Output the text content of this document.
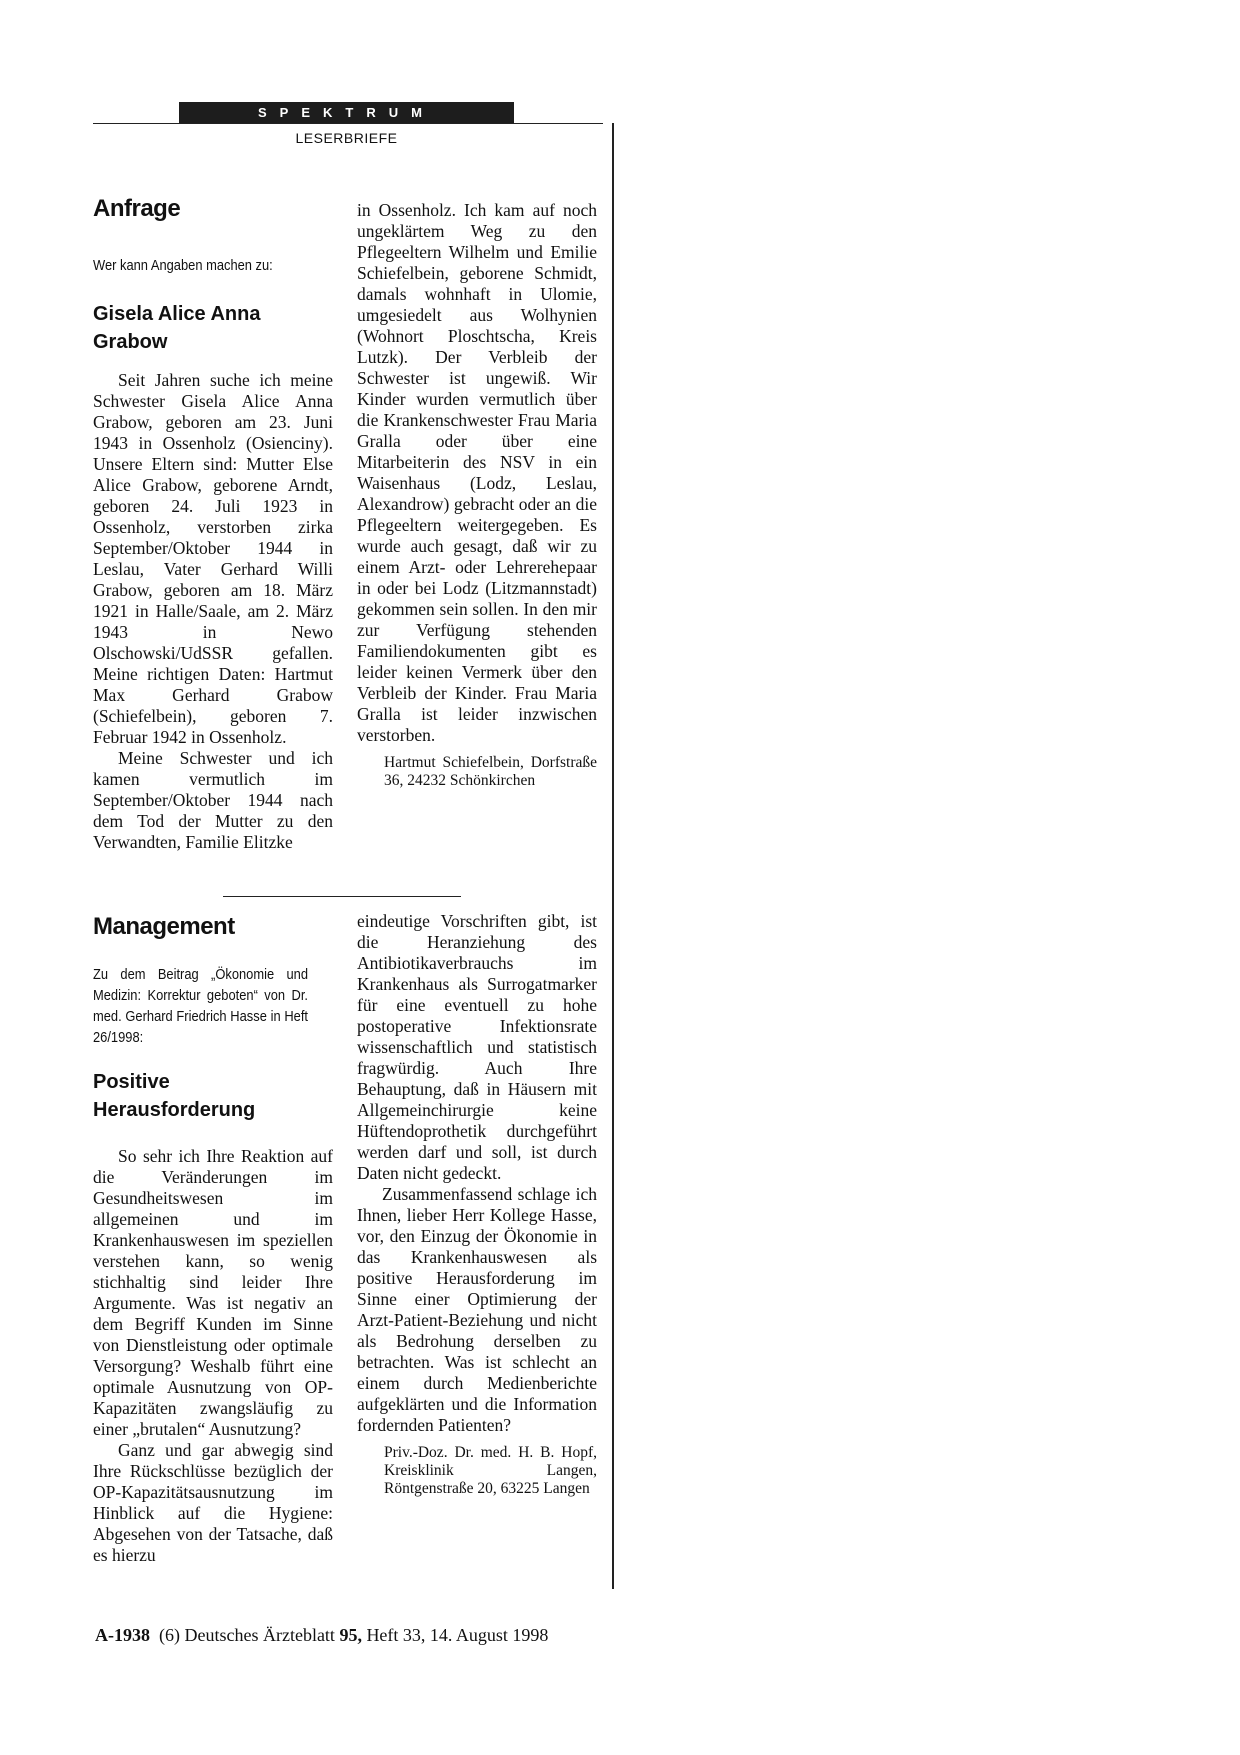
SPEKTRUM
LESERBRIEFE
Anfrage
Wer kann Angaben machen zu:
Gisela Alice Anna Grabow

Seit Jahren suche ich meine Schwester Gisela Alice Anna Grabow, geboren am 23. Juni 1943 in Ossenholz (Osienciny). Unsere Eltern sind: Mutter Else Alice Grabow, geborene Arndt, geboren 24. Juli 1923 in Ossenholz, verstorben zirka September/Oktober 1944 in Leslau, Vater Gerhard Willi Grabow, geboren am 18. März 1921 in Halle/Saale, am 2. März 1943 in Newo Olschowski/UdSSR gefallen. Meine richtigen Daten: Hartmut Max Gerhard Grabow (Schiefelbein), geboren 7. Februar 1942 in Ossenholz.

Meine Schwester und ich kamen vermutlich im September/Oktober 1944 nach dem Tod der Mutter zu den Verwandten, Familie Elitzke

in Ossenholz. Ich kam auf noch ungeklärtem Weg zu den Pflegeeltern Wilhelm und Emilie Schiefelbein, geborene Schmidt, damals wohnhaft in Ulomie, umgesiedelt aus Wolhynien (Wohnort Ploschtscha, Kreis Lutzk). Der Verbleib der Schwester ist ungewiß. Wir Kinder wurden vermutlich über die Krankenschwester Frau Maria Gralla oder über eine Mitarbeiterin des NSV in ein Waisenhaus (Lodz, Leslau, Alexandrow) gebracht oder an die Pflegeeltern weitergegeben. Es wurde auch gesagt, daß wir zu einem Arzt- oder Lehrerehepaar in oder bei Lodz (Litzmannstadt) gekommen sein sollen. In den mir zur Verfügung stehenden Familiendokumenten gibt es leider keinen Vermerk über den Verbleib der Kinder. Frau Maria Gralla ist leider inzwischen verstorben.

Hartmut Schiefelbein, Dorfstraße 36, 24232 Schönkirchen

Management
Zu dem Beitrag „Ökonomie und Medizin: Korrektur geboten“ von Dr. med. Gerhard Friedrich Hasse in Heft 26/1998:
Positive Herausforderung

So sehr ich Ihre Reaktion auf die Veränderungen im Gesundheitswesen im allgemeinen und im Krankenhauswesen im speziellen verstehen kann, so wenig stichhaltig sind leider Ihre Argumente. Was ist negativ an dem Begriff Kunden im Sinne von Dienstleistung oder optimale Versorgung? Weshalb führt eine optimale Ausnutzung von OP-Kapazitäten zwangsläufig zu einer „brutalen“ Ausnutzung?

Ganz und gar abwegig sind Ihre Rückschlüsse bezüglich der OP-Kapazitätsausnutzung im Hinblick auf die Hygiene: Abgesehen von der Tatsache, daß es hierzu

eindeutige Vorschriften gibt, ist die Heranziehung des Antibiotikaverbrauchs im Krankenhaus als Surrogatmarker für eine eventuell zu hohe postoperative Infektionsrate wissenschaftlich und statistisch fragwürdig. Auch Ihre Behauptung, daß in Häusern mit Allgemeinchirurgie keine Hüftendoprothetik durchgeführt werden darf und soll, ist durch Daten nicht gedeckt.

Zusammenfassend schlage ich Ihnen, lieber Herr Kollege Hasse, vor, den Einzug der Ökonomie in das Krankenhauswesen als positive Herausforderung im Sinne einer Optimierung der Arzt-Patient-Beziehung und nicht als Bedrohung derselben zu betrachten. Was ist schlecht an einem durch Medienberichte aufgeklärten und die Information fordernden Patienten?

Priv.-Doz. Dr. med. H. B. Hopf, Kreisklinik Langen, Röntgenstraße 20, 63225 Langen

A-1938 (6) Deutsches Ärzteblatt 95, Heft 33, 14. August 1998
